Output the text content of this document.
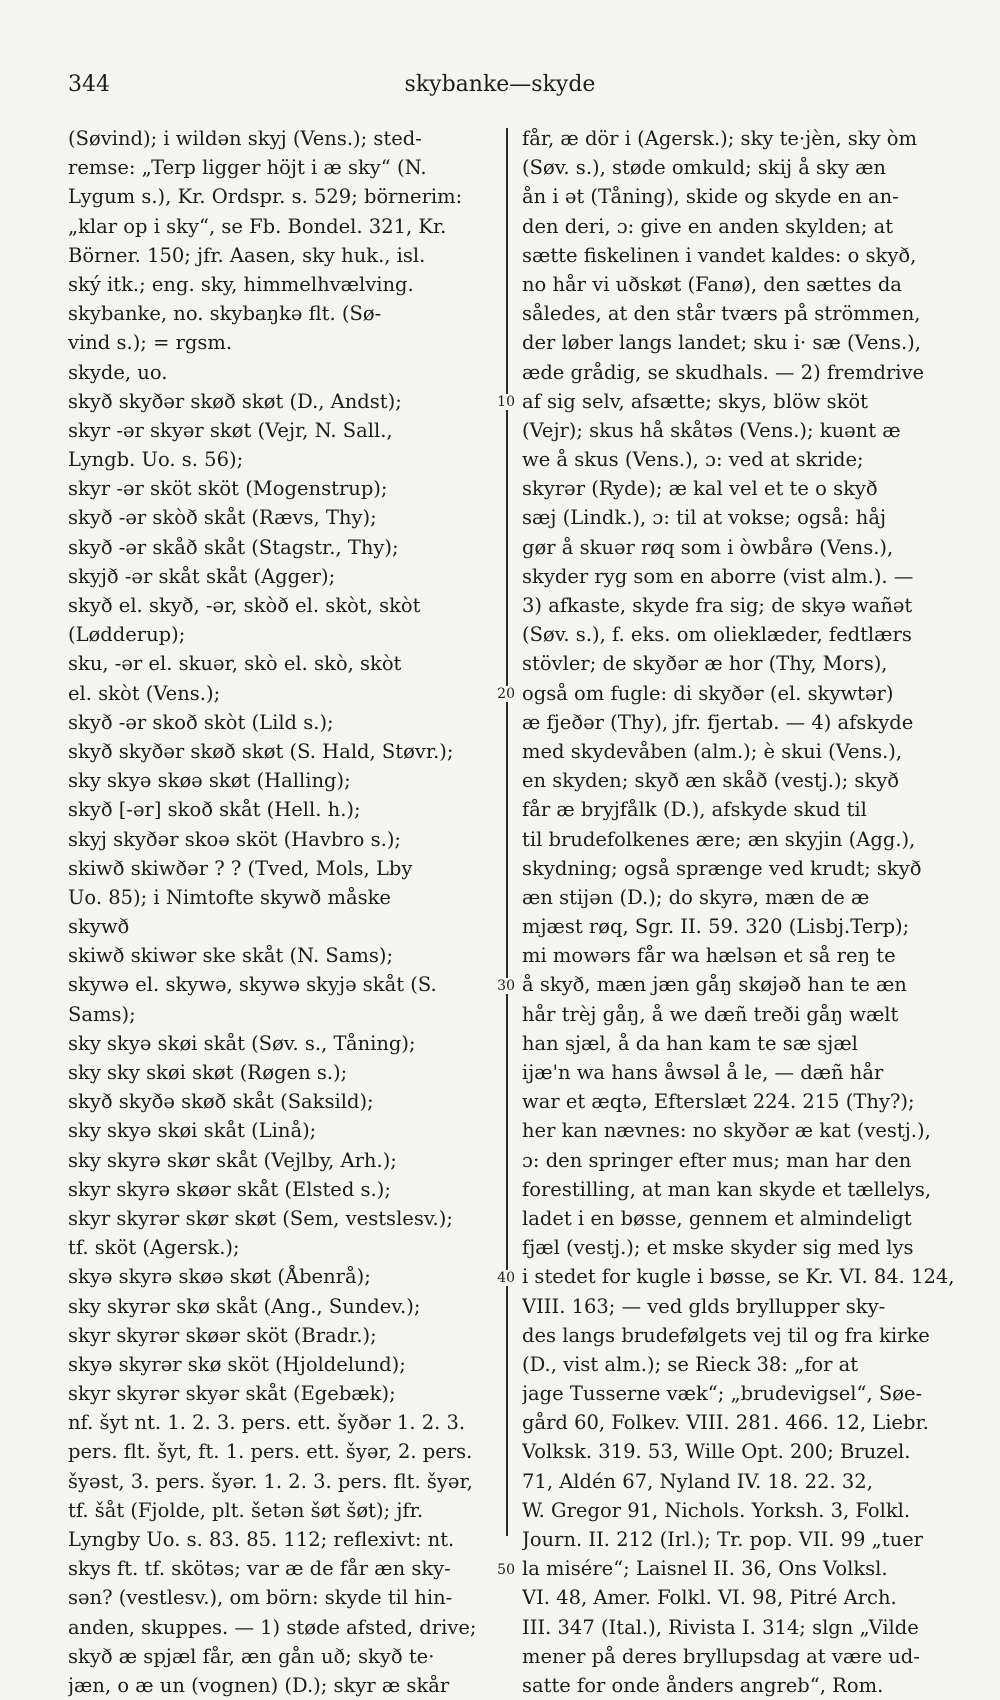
344	skybanke—skyde
(Søvind); i wildən skyj (Vens.); sted-
remse: „Terp ligger höjt i æ sky“ (N.
Lygum s.), Kr. Ordspr. s. 529; börnerim:
„klar op i sky“, se Fb. Bondel. 321, Kr.
Börner. 150; jfr. Aasen, sky huk., isl.
ský itk.; eng. sky, himmelhvælving.
skybanke, no. skybaŋkə flt. (Sø-
vind s.); = rgsm.
skyde, uo.
skyð skyðər skøð skøt (D., Andst);
skyr -ər skyər skøt (Vejr, N. Sall.,
Lyngb. Uo. s. 56);
skyr -ər sköt sköt (Mogenstrup);
skyð -ər skòð skåt (Ræ​vs, Thy);
skyð -ər skåð skåt (Stagstr., Thy);
skyjð -ər skåt skåt (Agger);
skyð el. skyð, -ər, skòð el. skòt, skòt
(Lødderup);
sku, -ər el. skuər, skò el. skò, skòt
el. skòt (Vens.);
skyð -ər skoð skòt (Lild s.);
skyð skyðər skøð skøt (S. Hald, Støvr.);
sky skyə skøə skøt (Halling);
skyð [-ər] skoð skåt (Hell. h.);
skyj skyðər skoə sköt (Havbro s.);
skiwð skiwðər ? ? (Tved, Mols, Lby
Uo. 85); i Nimtofte skywð måske
skywð
skiwð skiwər ske skåt (N. Sams);
skywə el. skywə, skywə skyjə skåt (S.
Sams);
sky skyə skøi skåt (Søv. s., Tåning);
sky sky skøi skøt (Røgen s.);
skyð skyðə skøð skåt (Saksild);
sky skyə skøi skåt (Linå);
sky skyrə skør skåt (Vejlby, Arh.);
skyr skyrə skøər skåt (Elsted s.);
skyr skyrər skør skøt (Sem, vestslesv.);
tf. sköt (Agersk.);
skyə skyrə skøə skøt (Åbenrå);
sky skyrər skø skåt (Ang., Sundev.);
skyr skyrər skøər sköt (Bradr.);
skyə skyrər skø sköt (Hjoldelund);
skyr skyrər skyər skåt (Egebæk);
nf. šyt nt. 1. 2. 3. pers. ett. šyðər 1. 2. 3.
pers. flt. šyt, ft. 1. pers. ett. šyər, 2. pers.
šyəst, 3. pers. šyər. 1. 2. 3. pers. flt. šyər,
tf. šåt (Fjolde, plt. šetən šøt šøt); jfr.
Lyngby Uo. s. 83. 85. 112; reflexivt: nt.
skys ft. tf. skötəs; var æ de får æn sky-
sən? (vestlesv.), om börn: skyde til hin-
anden, skuppes. — 1) støde afsted, drive;
skyð æ spjæl får, æn gån uð; skyð te·
jæn, o æ un (vognen) (D.); skyr æ skår
får, æ dör i (Agersk.); sky te·jèn, sky òm
(Søv. s.), støde omkuld; skij å sky æn
ån i ət (Tåning), skide og skyde en an-
den deri, ɔ: give en anden skylden; at
sætte fiskelinen i vandet kaldes: o skyð,
no hår vi uðskøt (Fanø), den sættes da
således, at den står tværs på strömmen,
der løber langs landet; sku i· sæ (Vens.),
æde grådig, se skudhals. — 2) fremdrive
af sig selv, afsætte; skys, blöw sköt
(Vejr); skus hå skåtəs (Vens.); kuənt æ
we å skus (Vens.), ɔ: ved at skride;
skyrər (Ryde); æ kal vel et te o skyð
sæj (Lindk.), ɔ: til at vokse; også: håj
gør å skuər røq som i òwbårə (Vens.),
skyder ryg som en aborre (vist alm.). —
3) afkaste, skyde fra sig; de skyə wañət
(Søv. s.), f. eks. om olieklæder, fedtlærs
stövler; de skyðər æ hor (Thy, Mors),
også om fugle: di skyðər (el. skywtər)
æ fjeðər (Thy), jfr. fjertab. — 4) afskyde
med skydevåben (alm.); è skui (Vens.),
en skyden; skyð æn skåð (vestj.); skyð
får æ bryjfålk (D.), afskyde skud til
til brudefolkenes ære; æn skyjin (Agg.),
skydning; også sprænge ved krudt; skyð
æn stijən (D.); do skyrə, mæn de æ
mjæst røq, Sgr. II. 59. 320 (Lisbj.Terp);
mi mowərs får wa hælsən et så reŋ te
å skyð, mæn jæn gåŋ skøjəð han te æn
hår trèj gåŋ, å we dæñ treði gåŋ wælt
han sjæl, å da han kam te sæ sjæl
ijæ'n wa hans åwsəl å le, — dæñ hår
war et æqtə, Efterslæt 224. 215 (Thy?);
her kan nævnes: no skyðər æ kat (vestj.),
ɔ: den springer efter mus; man har den
forestilling, at man kan skyde et tællelys,
ladet i en bøsse, gennem et almindeligt
fjæl (vestj.); et mske skyder sig med lys
i stedet for kugle i bøsse, se Kr. VI. 84. 124,
VIII. 163; — ved glds bryllupper sky-
des langs brudefølgets vej til og fra kirke
(D., vist alm.); se Rieck 38: „for at
jage Tusserne væk“; „brudevigsel“, Søe-
gård 60, Folkev. VIII. 281. 466. 12, Liebr.
Volksk. 319. 53, Wille Opt. 200; Bruzel.
71, Aldén 67, Nyland IV. 18. 22. 32,
W. Gregor 91, Nichols. Yorksh. 3, Folkl.
Journ. II. 212 (Irl.); Tr. pop. VII. 99 „tuer
la misére“; Laisnel II. 36, Ons Volksl.
VI. 48, Amer. Folkl. VI. 98, Pitré Arch.
III. 347 (Ital.), Rivista I. 314; slgn „Vilde
mener på deres bryllupsdag at være ud-
satte for onde ånders angreb“, Rom.
10
20
30
40
50
